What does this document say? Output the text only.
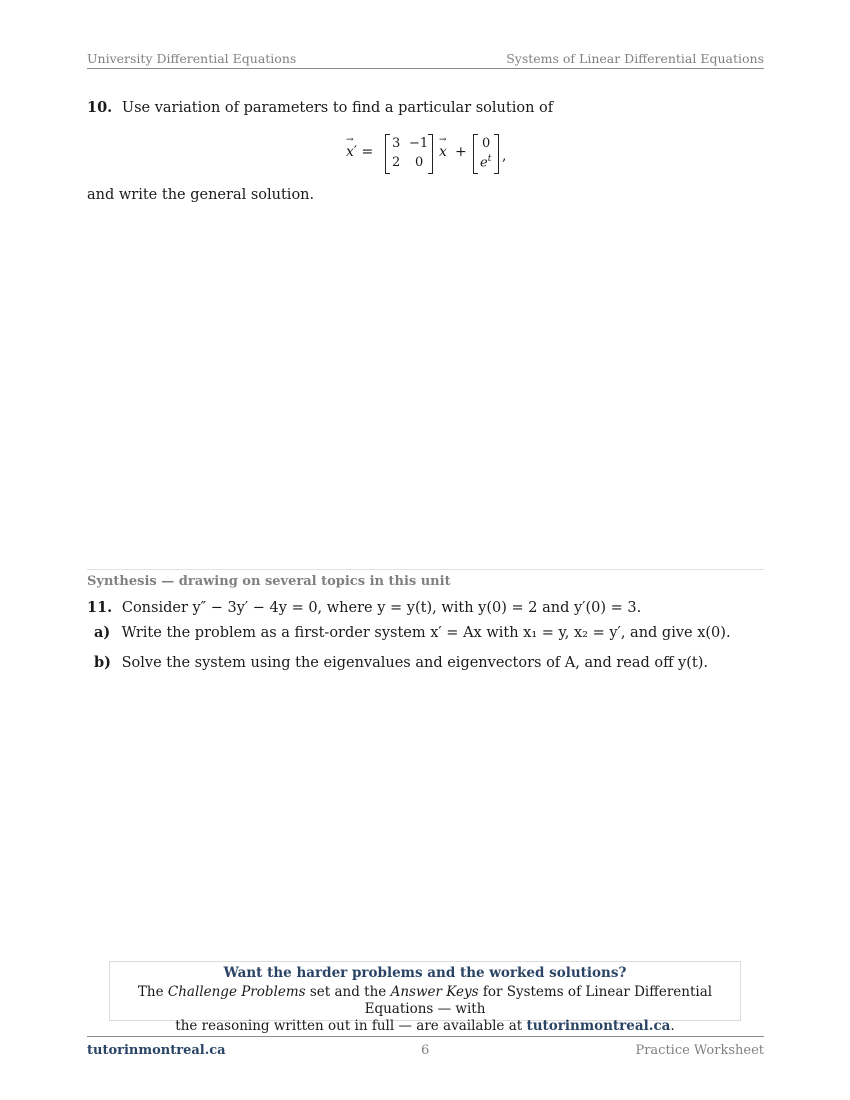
University Differential Equations	Systems of Linear Differential Equations
10. Use variation of parameters to find a particular solution of
→ x′ =
3 −1
2 0
→ x +
0
$e^t$ ,
and write the general solution.
Synthesis — drawing on several topics in this unit
11. Consider y″ − 3y′ − 4y = 0, where y = y(t), with y(0) = 2 and y′(0) = 3.
a) Write the problem as a first-order system x′ = Ax with x₁ = y, x₂ = y′, and give x(0).
b) Solve the system using the eigenvalues and eigenvectors of A, and read off y(t).
Want the harder problems and the worked solutions?
The Challenge Problems set and the Answer Keys for Systems of Linear Differential Equations — with
the reasoning written out in full — are available at tutorinmontreal.ca.
tutorinmontreal.ca	6	Practice Worksheet
